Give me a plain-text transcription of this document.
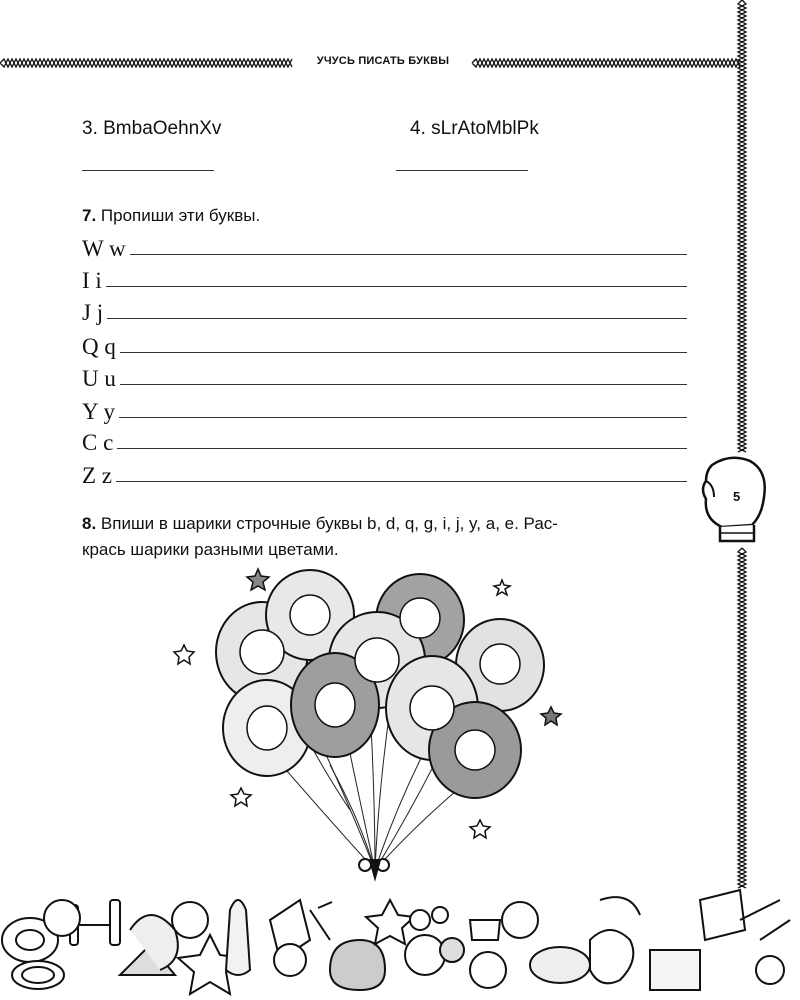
УЧУСЬ ПИСАТЬ БУКВЫ
3. BmbaOehnXv	4. sLrAtoMblPk
7. Пропиши эти буквы.
W w
I i
J j
Q q
U u
Y y
C c
Z z
8. Впиши в шарики строчные буквы b, d, q, g, i, j, y, a, e. Рас-
крась шарики разными цветами.
5
